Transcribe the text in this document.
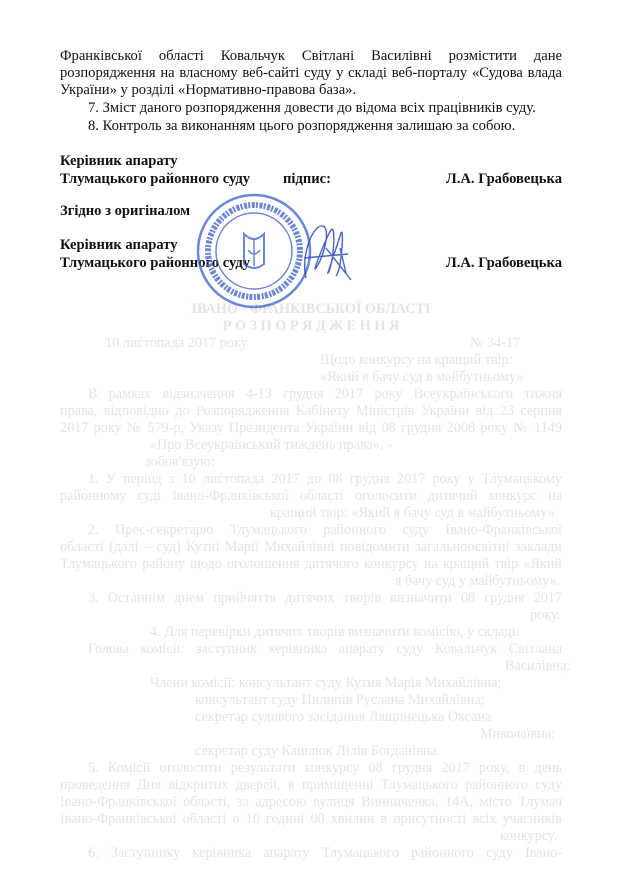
ІВАНО - ФРАНКІВСЬКОЇ ОБЛАСТІ
Р О З П О Р Я Д Ж Е Н Н Я
10 листопада 2017 року	№ 34-17
Щодо конкурсу на кращий твір:
«Який я бачу суд в майбутньому»
В рамках відзначення 4-13 грудня 2017 року Всеукраїнського тижня
права, відповідно до Розпорядження Кабінету Міністрів України від 23 серпня
2017 року № 579-р, Указу Президента України від 08 грудня 2008 року № 1149
«Про Всеукраїнський тиждень права», -
зобов'язую:
1. У період з 10 листопада 2017 до 08 грудня 2017 року у Тлумацькому
районному суді Івано-Франківської області оголосити дитячий конкурс на
кращий твір: «Який я бачу суд в майбутньому».
2. Прес-секретарю Тлумацького районного суду Івано-Франківської
області (далі – суд) Кутиї Марії Михайлівні повідомити загальноосвітні заклади
Тлумацького району щодо оголошення дитячого конкурсу на кращий твір «Який
я бачу суд у майбутньому».
3. Останнім днем прийняття дитячих творів визначити 08 грудня 2017
року.
4. Для перевірки дитячих творів визначити комісію, у складі:
Голова комісії: заступник керівника апарату суду Ковальчук Світлана
Василівна;
Члени комісії: консультант суду Кутия Марія Михайлівна;
консультант суду Пилипів Руслана Михайлівна;
секретар судового засідання Лящинецька Оксана
Миколаївна;
секретар суду Кашлюк Лілія Богданівна.
5. Комісії оголосити результати конкурсу 08 грудня 2017 року, в день
проведення Дня відкритих дверей, в приміщенні Тлумацького районного суду
Івано-Франківської області, за адресою вулиця Винниченка, 14А, місто Тлумач
Івано-Франківської області о 10 годині 00 хвилин в присутності всіх учасників
конкурсу.
6. Заступнику керівника апарату Тлумацького районного суду Івано-
Франківської області Ковальчук Світлані Василівні розмістити дане
розпорядження на власному веб-сайті суду у складі веб-порталу «Судова влада
України» у розділі «Нормативно-правова база».
7. Зміст даного розпорядження довести до відома всіх працівників суду.
8. Контроль за виконанням цього розпорядження залишаю за собою.
Керівник апарату
Тлумацького районного суду підпис:	Л.А. Грабовецька
Згідно з оригіналом
Керівник апарату
Тлумацького районного суду	Л.А. Грабовецька
